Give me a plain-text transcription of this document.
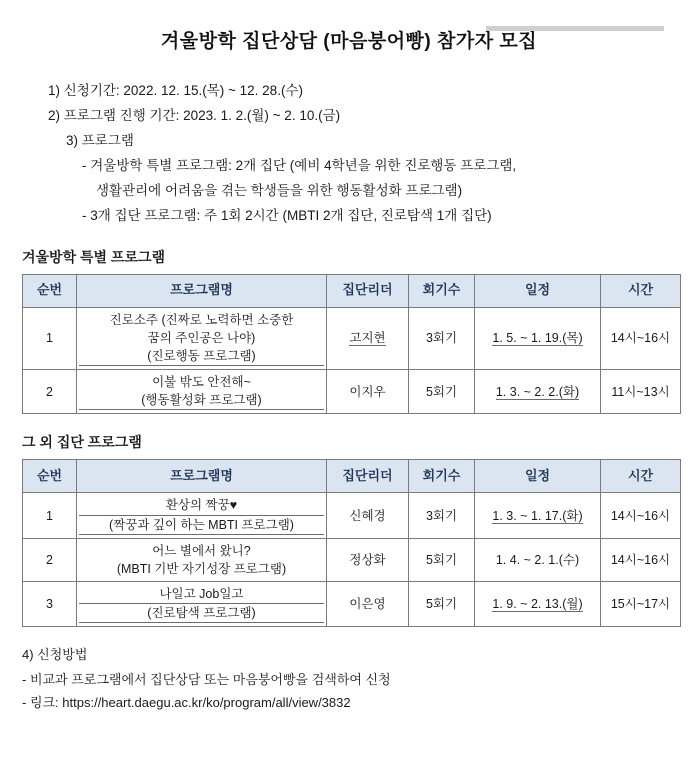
겨울방학 집단상담 (마음붕어빵) 참가자 모집
1) 신청기간: 2022. 12. 15.(목) ~ 12. 28.(수)
2) 프로그램 진행 기간: 2023. 1. 2.(월) ~ 2. 10.(금)
3) 프로그램
- 겨울방학 특별 프로그램: 2개 집단 (예비 4학년을 위한 진로행동 프로그램,
생활관리에 어려움을 겪는 학생들을 위한 행동활성화 프로그램)
- 3개 집단 프로그램: 주 1회 2시간 (MBTI 2개 집단, 진로탐색 1개 집단)
겨울방학 특별 프로그램
순번	프로그램명	집단리더	회기수	일정	시간
1	진로소주 (진짜로 노력하면 소중한
꿈의 주인공은 나야)
(진로행동 프로그램)	고지현	3회기	1. 5. ~ 1. 19.(목)	14시~16시
2	이불 밖도 안전해~
(행동활성화 프로그램)	이지우	5회기	1. 3. ~ 2. 2.(화)	11시~13시
그 외 집단 프로그램
순번	프로그램명	집단리더	회기수	일정	시간
1	환상의 짝꿍♥
(짝꿍과 깊이 하는 MBTI 프로그램)	신혜경	3회기	1. 3. ~ 1. 17.(화)	14시~16시
2	어느 별에서 왔니?
(MBTI 기반 자기성장 프로그램)	정상화	5회기	1. 4. ~ 2. 1.(수)	14시~16시
3	나일고 Job일고
(진로탐색 프로그램)	이은영	5회기	1. 9. ~ 2. 13.(월)	15시~17시
4) 신청방법
- 비교과 프로그램에서 집단상담 또는 마음붕어빵을 검색하여 신청
- 링크: https://heart.daegu.ac.kr/ko/program/all/view/3832
